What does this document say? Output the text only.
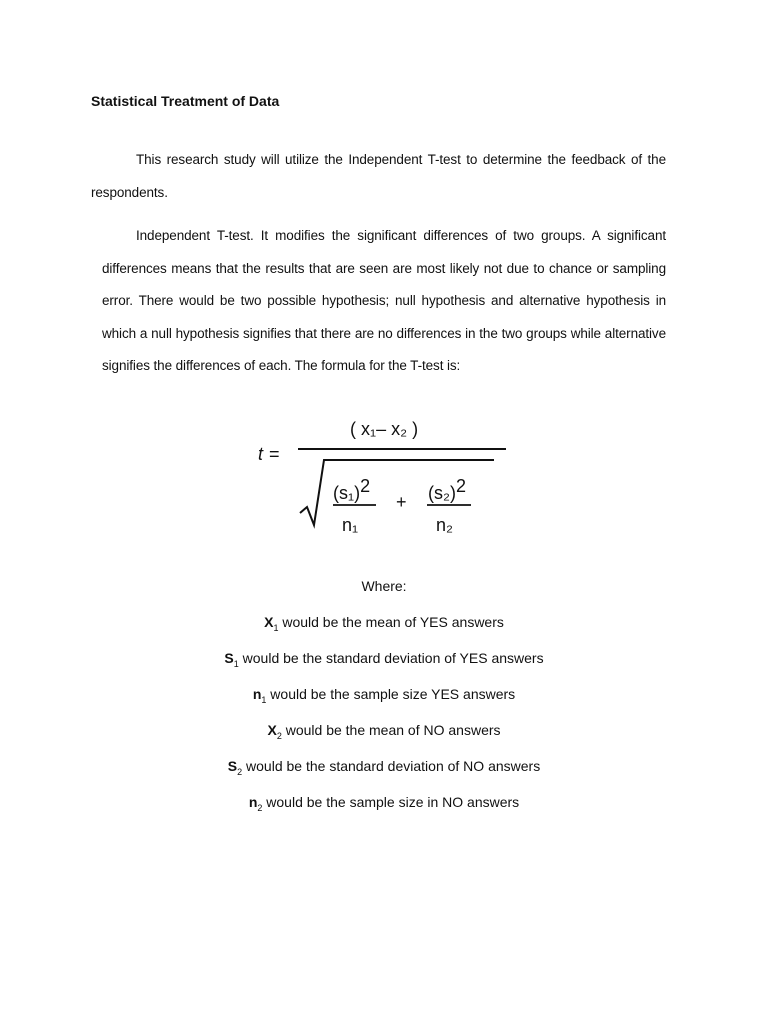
Statistical Treatment of Data

This research study will utilize the Independent T-test to determine the feedback of the respondents.

Independent T-test. It modifies the significant differences of two groups. A significant differences means that the results that are seen are most likely not due to chance or sampling error. There would be two possible hypothesis; null hypothesis and alternative hypothesis in which a null hypothesis signifies that there are no differences in the two groups while alternative signifies the differences of each. The formula for the T-test is:

t =
( x₁– x₂ )
(s₁)2
+ (s₂)2
n₁	n₂
Where:
$X_1$ would be the mean of YES answers
$S_1$ would be the standard deviation of YES answers
$n_1$ would be the sample size YES answers
$X_2$ would be the mean of NO answers
$S_2$ would be the standard deviation of NO answers
$n_2$ would be the sample size in NO answers
